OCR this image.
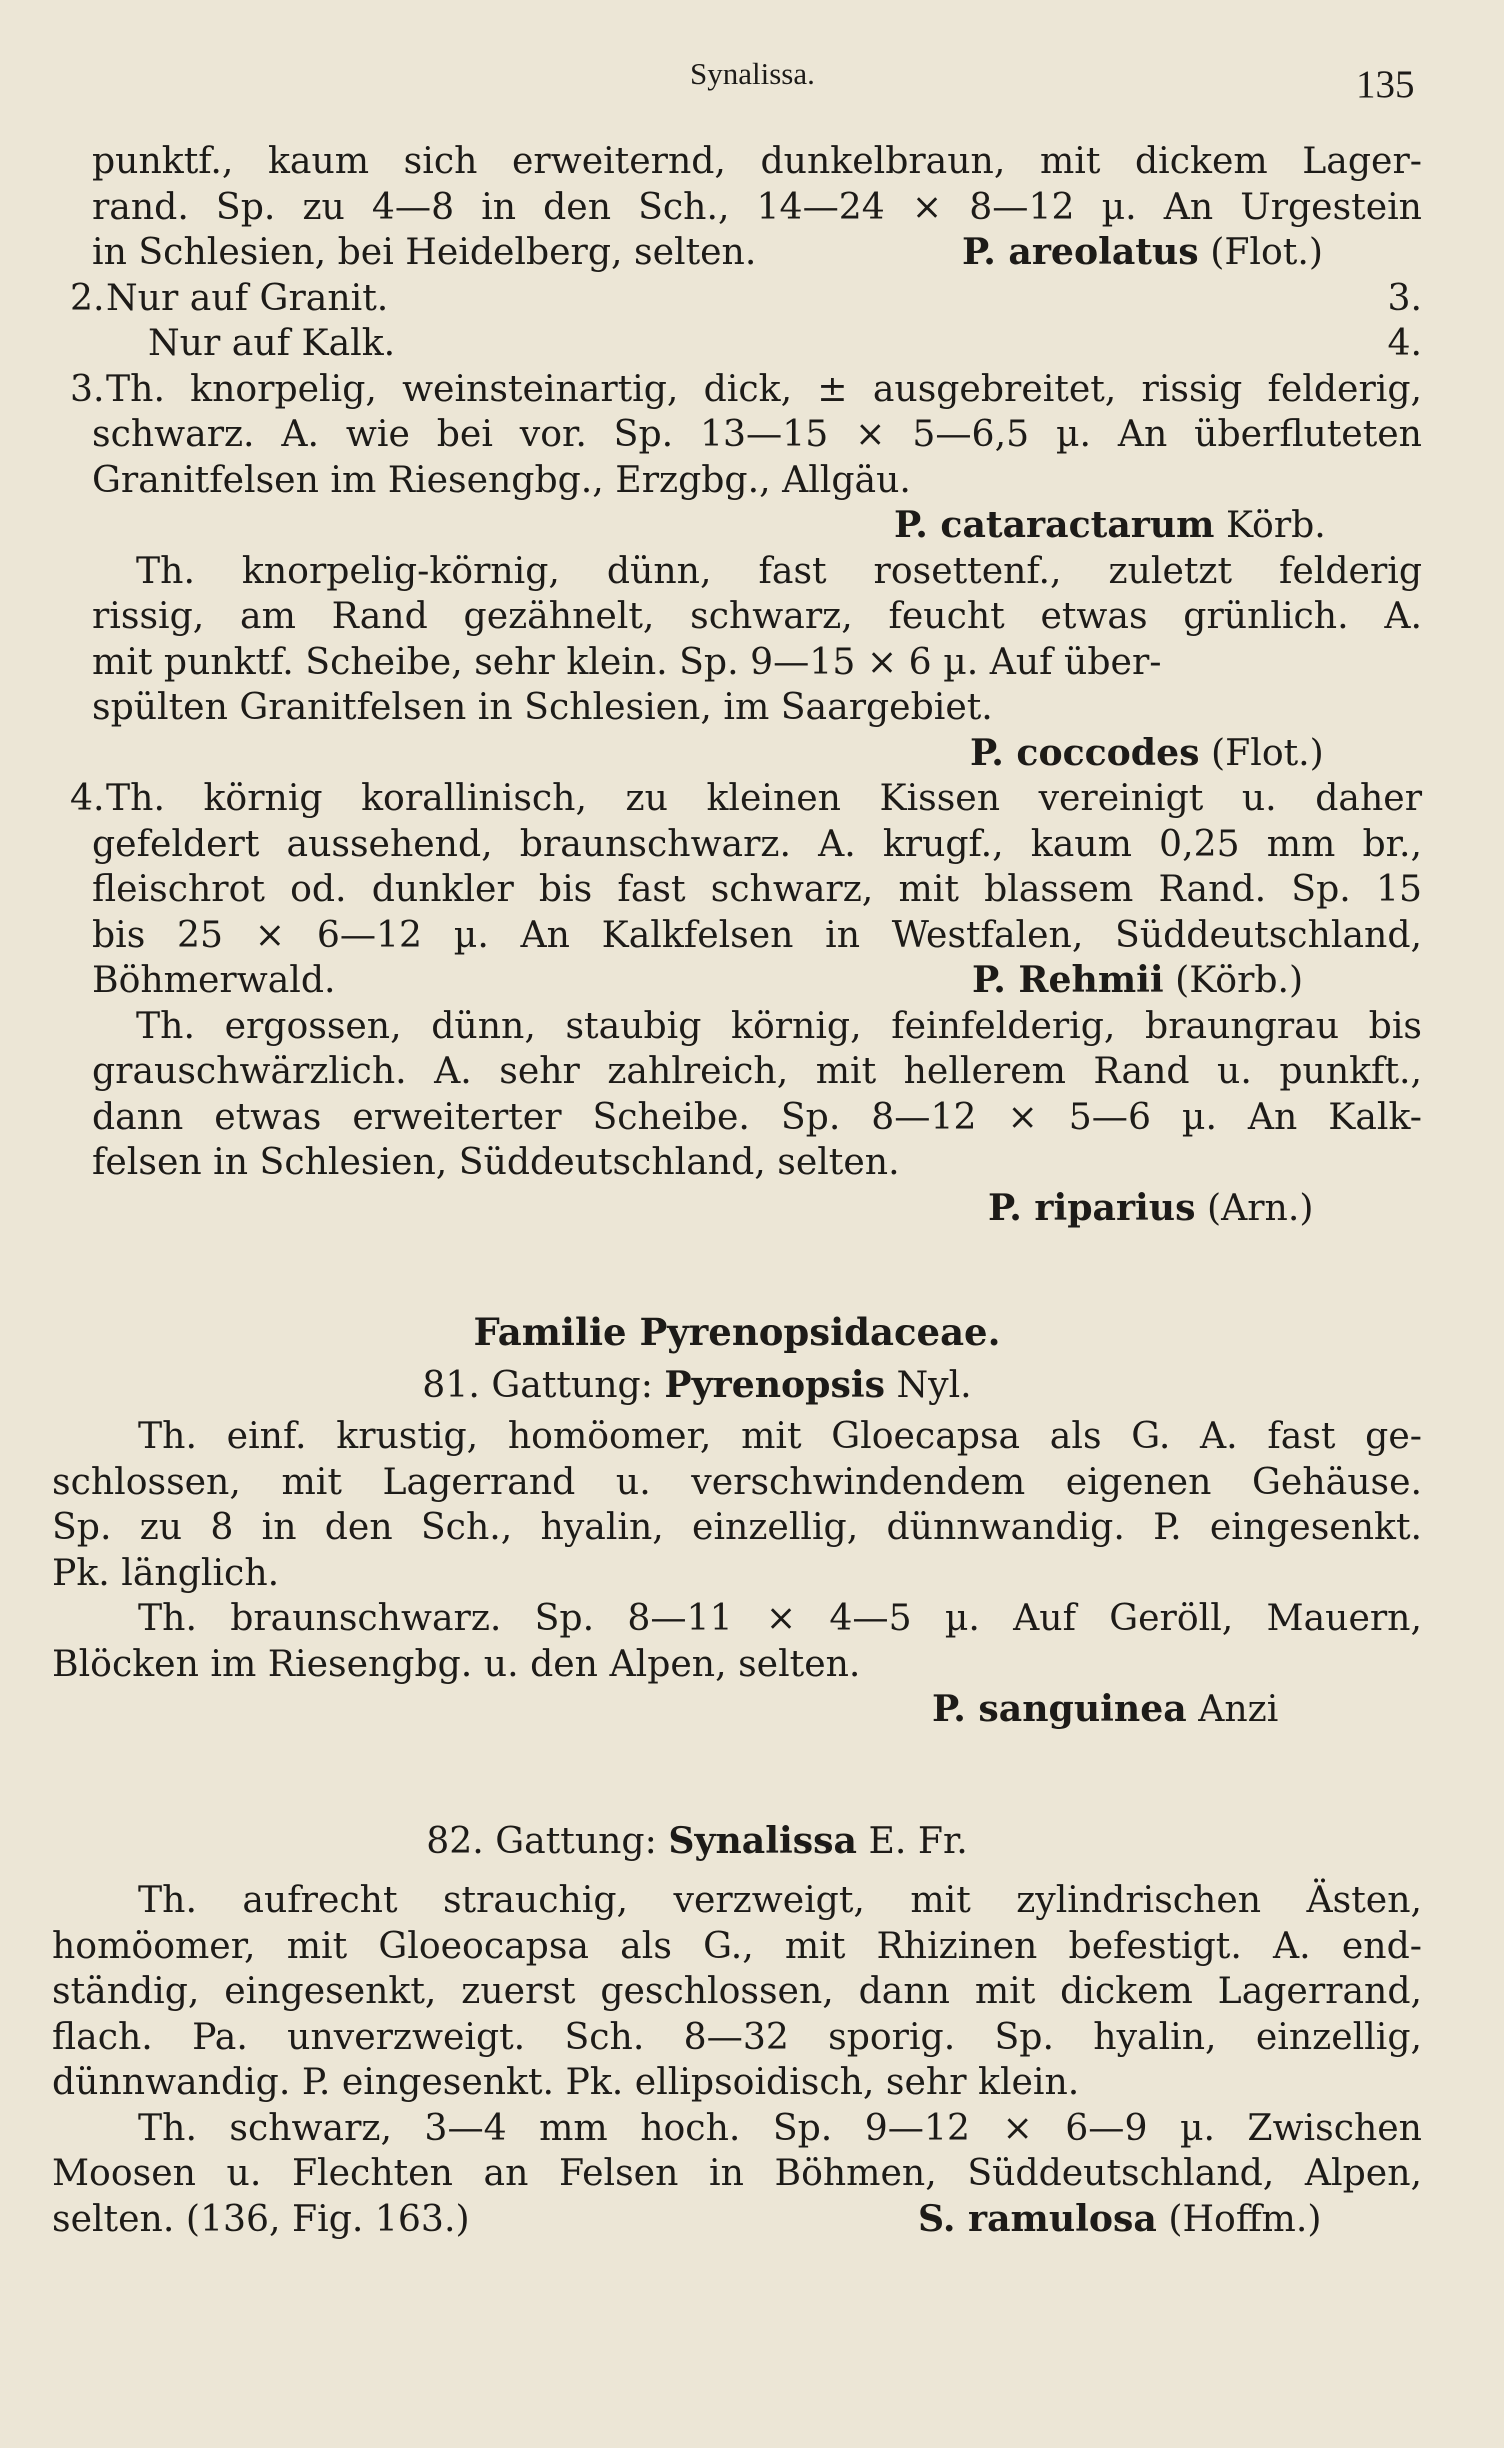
Synalissa.	135
punktf., kaum sich erweiternd, dunkelbraun, mit dickem Lager-
rand. Sp. zu 4—8 in den Sch., 14—24 × 8—12 µ. An Urgestein
in Schlesien, bei Heidelberg, selten.	P. areolatus (Flot.)
2. Nur auf Granit.	3.
Nur auf Kalk.	4.
3. Th. knorpelig, weinsteinartig, dick, ± ausgebreitet, rissig felderig,
schwarz. A. wie bei vor. Sp. 13—15 × 5—6,5 µ. An überfluteten
Granitfelsen im Riesengbg., Erzgbg., Allgäu.
P. cataractarum Körb.
Th. knorpelig-körnig, dünn, fast rosettenf., zuletzt felderig
rissig, am Rand gezähnelt, schwarz, feucht etwas grünlich. A.
mit punktf. Scheibe, sehr klein. Sp. 9—15 × 6 µ. Auf über-
spülten Granitfelsen in Schlesien, im Saargebiet.
P. coccodes (Flot.)
4. Th. körnig korallinisch, zu kleinen Kissen vereinigt u. daher
gefeldert aussehend, braunschwarz. A. krugf., kaum 0,25 mm br.,
fleischrot od. dunkler bis fast schwarz, mit blassem Rand. Sp. 15
bis 25 × 6—12 µ. An Kalkfelsen in Westfalen, Süddeutschland,
Böhmerwald.	P. Rehmii (Körb.)
Th. ergossen, dünn, staubig körnig, feinfelderig, braungrau bis
grauschwärzlich. A. sehr zahlreich, mit hellerem Rand u. punkft.,
dann etwas erweiterter Scheibe. Sp. 8—12 × 5—6 µ. An Kalk-
felsen in Schlesien, Süddeutschland, selten.
P. riparius (Arn.)
Familie Pyrenopsidaceae.
81. Gattung: Pyrenopsis Nyl.
Th. einf. krustig, homöomer, mit Gloecapsa als G. A. fast ge-
schlossen, mit Lagerrand u. verschwindendem eigenen Gehäuse.
Sp. zu 8 in den Sch., hyalin, einzellig, dünnwandig. P. eingesenkt.
Pk. länglich.
Th. braunschwarz. Sp. 8—11 × 4—5 µ. Auf Geröll, Mauern,
Blöcken im Riesengbg. u. den Alpen, selten.
P. sanguinea Anzi
82. Gattung: Synalissa E. Fr.
Th. aufrecht strauchig, verzweigt, mit zylindrischen Ästen,
homöomer, mit Gloeocapsa als G., mit Rhizinen befestigt. A. end-
ständig, eingesenkt, zuerst geschlossen, dann mit dickem Lagerrand,
flach. Pa. unverzweigt. Sch. 8—32 sporig. Sp. hyalin, einzellig,
dünnwandig. P. eingesenkt. Pk. ellipsoidisch, sehr klein.
Th. schwarz, 3—4 mm hoch. Sp. 9—12 × 6—9 µ. Zwischen
Moosen u. Flechten an Felsen in Böhmen, Süddeutschland, Alpen,
selten. (136, Fig. 163.)	S. ramulosa (Hoffm.)
